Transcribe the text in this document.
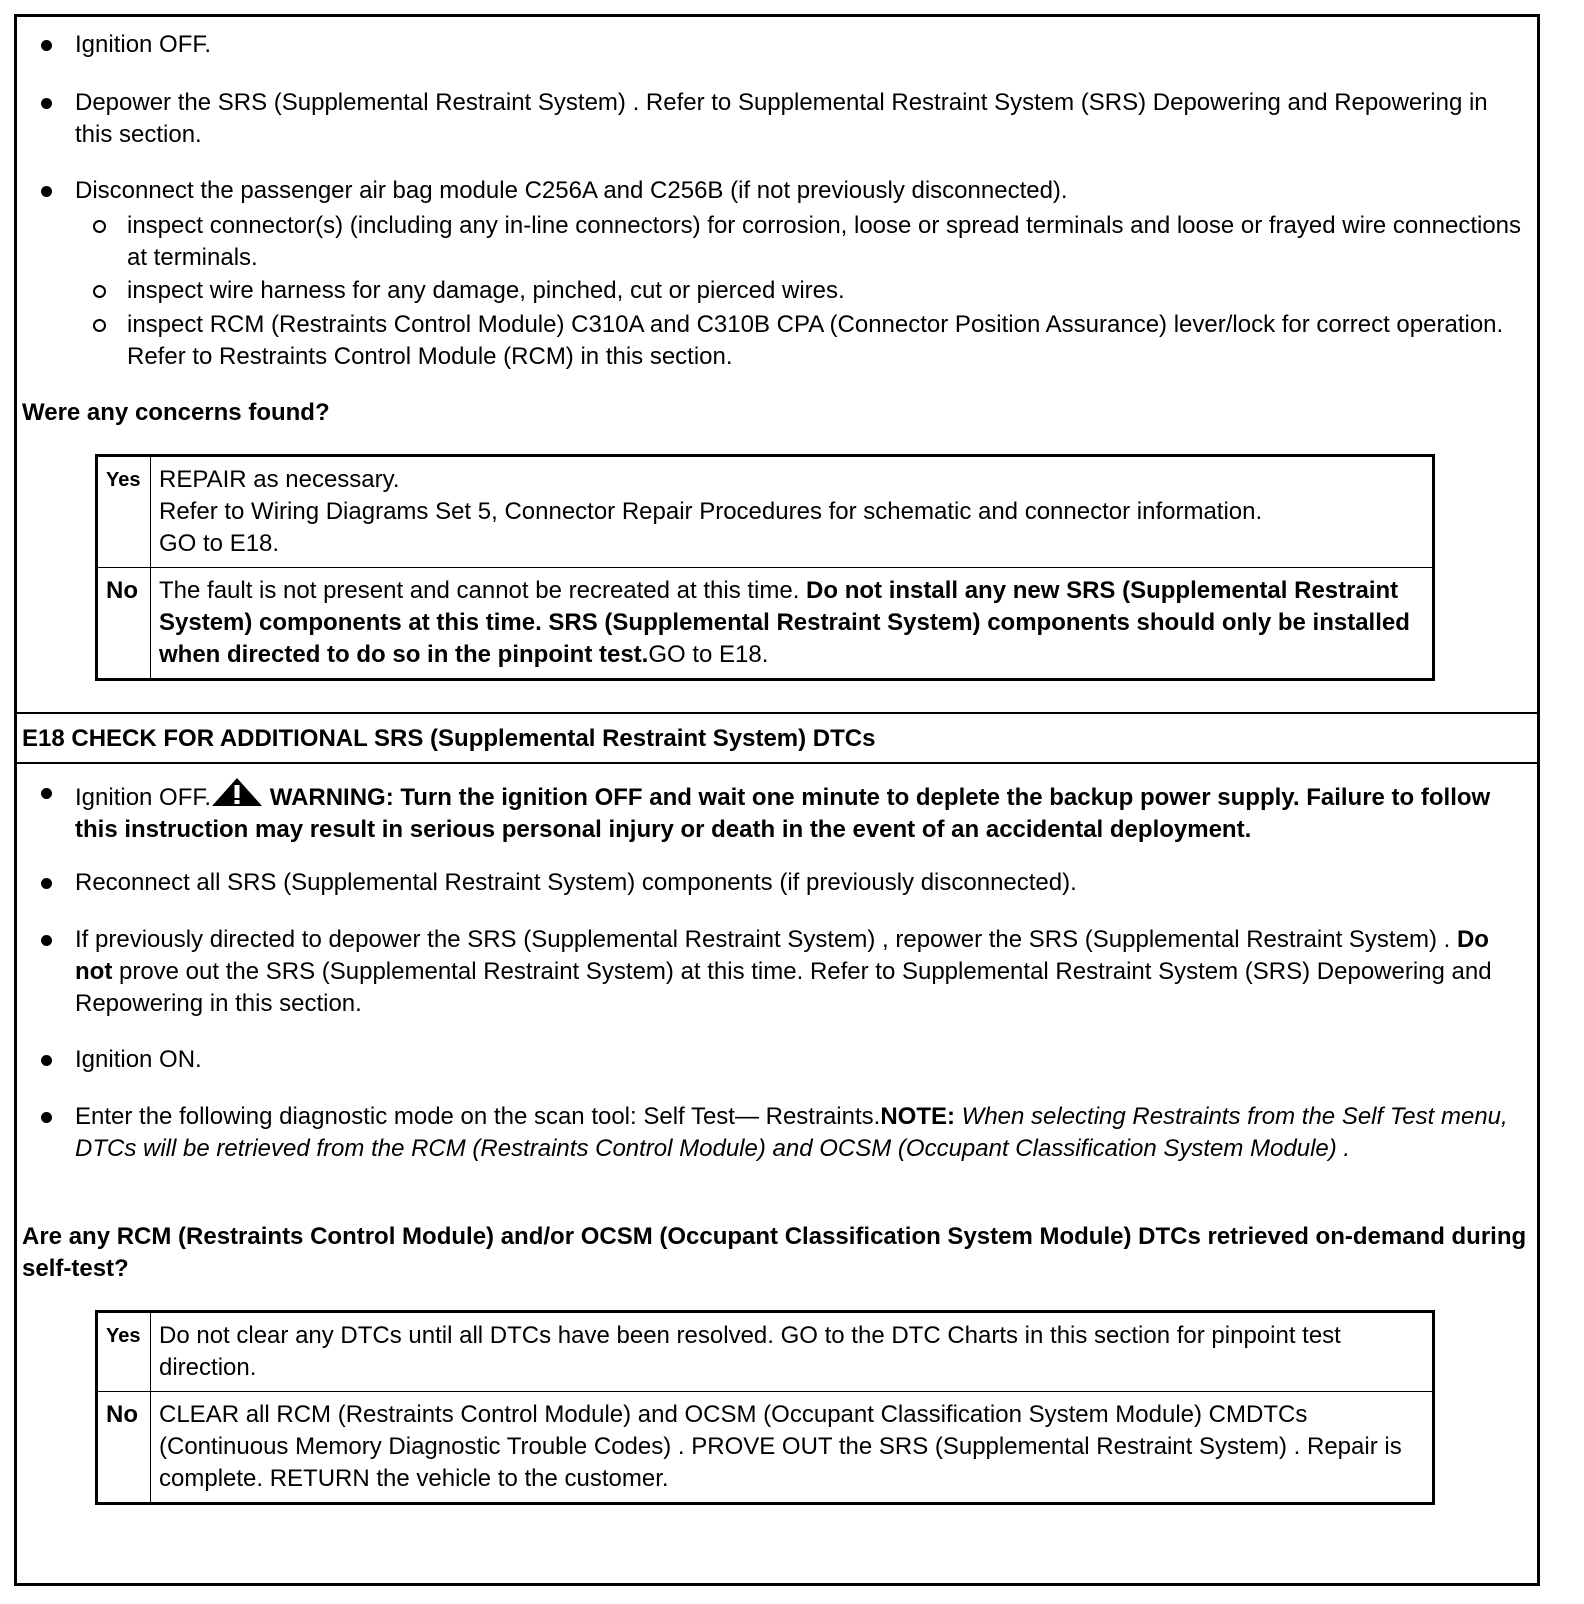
Ignition OFF.
Depower the SRS (Supplemental Restraint System) . Refer to Supplemental Restraint System (SRS) Depowering and Repowering in this section.
Disconnect the passenger air bag module C256A and C256B (if not previously disconnected).
inspect connector(s) (including any in-line connectors) for corrosion, loose or spread terminals and loose or frayed wire connections at terminals.
inspect wire harness for any damage, pinched, cut or pierced wires.
inspect RCM (Restraints Control Module) C310A and C310B CPA (Connector Position Assurance) lever/lock for correct operation. Refer to Restraints Control Module (RCM) in this section.
Were any concerns found?
Yes	REPAIR as necessary.
Refer to Wiring Diagrams Set 5, Connector Repair Procedures for schematic and connector information.
GO to E18.

No	The fault is not present and cannot be recreated at this time. Do not install any new SRS (Supplemental Restraint System) components at this time. SRS (Supplemental Restraint System) components should only be installed when directed to do so in the pinpoint test.GO to E18.
E18 CHECK FOR ADDITIONAL SRS (Supplemental Restraint System) DTCs
Ignition OFF. WARNING: Turn the ignition OFF and wait one minute to deplete the backup power supply. Failure to follow this instruction may result in serious personal injury or death in the event of an accidental deployment.
Reconnect all SRS (Supplemental Restraint System) components (if previously disconnected).
If previously directed to depower the SRS (Supplemental Restraint System) , repower the SRS (Supplemental Restraint System) . Do not prove out the SRS (Supplemental Restraint System) at this time. Refer to Supplemental Restraint System (SRS) Depowering and Repowering in this section.
Ignition ON.
Enter the following diagnostic mode on the scan tool: Self Test— Restraints.NOTE: When selecting Restraints from the Self Test menu, DTCs will be retrieved from the RCM (Restraints Control Module) and OCSM (Occupant Classification System Module) .
Are any RCM (Restraints Control Module) and/or OCSM (Occupant Classification System Module) DTCs retrieved on-demand during self-test?
Yes	Do not clear any DTCs until all DTCs have been resolved. GO to the DTC Charts in this section for pinpoint test direction.
No	CLEAR all RCM (Restraints Control Module) and OCSM (Occupant Classification System Module) CMDTCs (Continuous Memory Diagnostic Trouble Codes) . PROVE OUT the SRS (Supplemental Restraint System) . Repair is complete. RETURN the vehicle to the customer.
